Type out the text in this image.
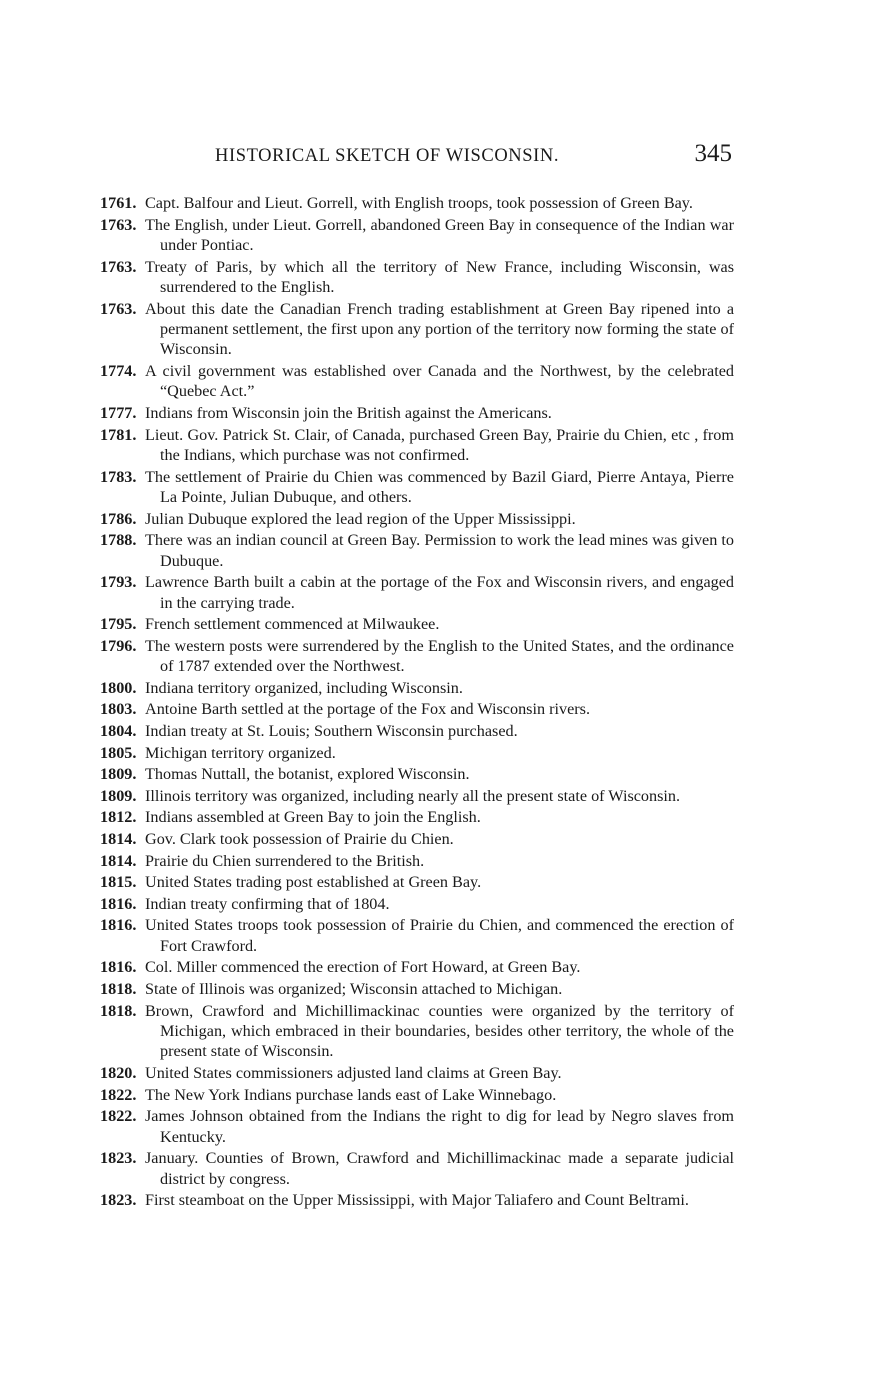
HISTORICAL SKETCH OF WISCONSIN.	345
1761. Capt. Balfour and Lieut. Gorrell, with English troops, took possession of Green Bay.
1763. The English, under Lieut. Gorrell, abandoned Green Bay in consequence of the Indian war under Pontiac.
1763. Treaty of Paris, by which all the territory of New France, including Wisconsin, was surrendered to the English.
1763. About this date the Canadian French trading establishment at Green Bay ripened into a permanent settlement, the first upon any portion of the territory now forming the state of Wisconsin.
1774. A civil government was established over Canada and the Northwest, by the celebrated “Quebec Act.”
1777. Indians from Wisconsin join the British against the Americans.
1781. Lieut. Gov. Patrick St. Clair, of Canada, purchased Green Bay, Prairie du Chien, etc , from the Indians, which purchase was not confirmed.
1783. The settlement of Prairie du Chien was commenced by Bazil Giard, Pierre Antaya, Pierre La Pointe, Julian Dubuque, and others.
1786. Julian Dubuque explored the lead region of the Upper Mississippi.
1788. There was an indian council at Green Bay. Permission to work the lead mines was given to Dubuque.
1793. Lawrence Barth built a cabin at the portage of the Fox and Wisconsin rivers, and engaged in the carrying trade.
1795. French settlement commenced at Milwaukee.
1796. The western posts were surrendered by the English to the United States, and the ordinance of 1787 extended over the Northwest.
1800. Indiana territory organized, including Wisconsin.
1803. Antoine Barth settled at the portage of the Fox and Wisconsin rivers.
1804. Indian treaty at St. Louis; Southern Wisconsin purchased.
1805. Michigan territory organized.
1809. Thomas Nuttall, the botanist, explored Wisconsin.
1809. Illinois territory was organized, including nearly all the present state of Wisconsin.
1812. Indians assembled at Green Bay to join the English.
1814. Gov. Clark took possession of Prairie du Chien.
1814. Prairie du Chien surrendered to the British.
1815. United States trading post established at Green Bay.
1816. Indian treaty confirming that of 1804.
1816. United States troops took possession of Prairie du Chien, and commenced the erection of Fort Crawford.
1816. Col. Miller commenced the erection of Fort Howard, at Green Bay.
1818. State of Illinois was organized; Wisconsin attached to Michigan.
1818. Brown, Crawford and Michillimackinac counties were organized by the territory of Michigan, which embraced in their boundaries, besides other territory, the whole of the present state of Wisconsin.
1820. United States commissioners adjusted land claims at Green Bay.
1822. The New York Indians purchase lands east of Lake Winnebago.
1822. James Johnson obtained from the Indians the right to dig for lead by Negro slaves from Kentucky.
1823. January. Counties of Brown, Crawford and Michillimackinac made a separate judicial district by congress.
1823. First steamboat on the Upper Mississippi, with Major Taliafero and Count Beltrami.
